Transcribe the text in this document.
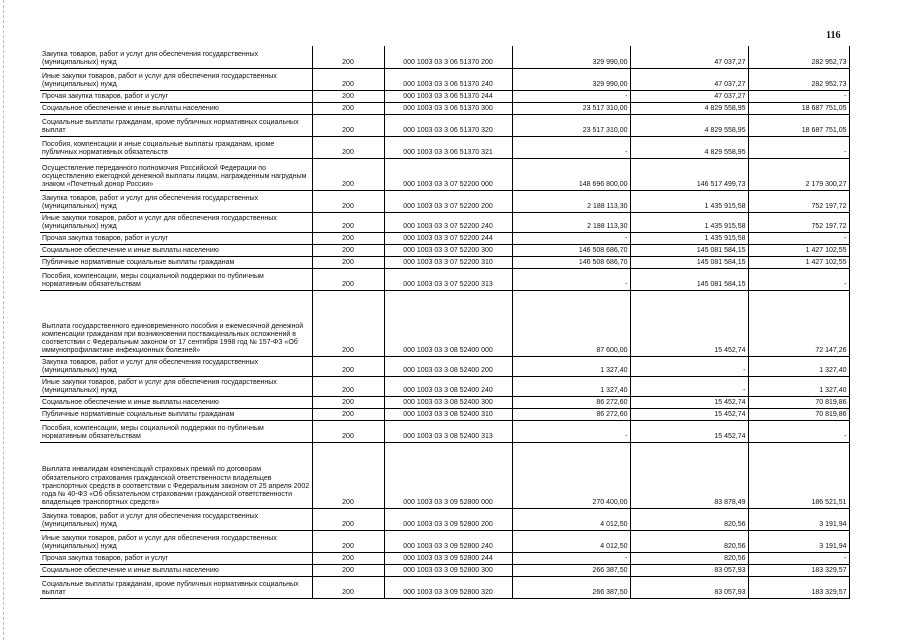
116
Закупка товаров, работ и услуг для обеспечения государственных (муниципальных) нужд	200	000 1003 03 3 06 51370 200	329 990,00	47 037,27	282 952,73
Иные закупки товаров, работ и услуг для обеспечения государственных (муниципальных) нужд	200	000 1003 03 3 06 51370 240	329 990,00	47 037,27	282 952,73
Прочая закупка товаров, работ и услуг	200	000 1003 03 3 06 51370 244	-	47 037,27	-
Социальное обеспечение и иные выплаты населению	200	000 1003 03 3 06 51370 300	23 517 310,00	4 829 558,95	18 687 751,05
Социальные выплаты гражданам, кроме публичных нормативных социальных выплат	200	000 1003 03 3 06 51370 320	23 517 310,00	4 829 558,95	18 687 751,05
Пособия, компенсации и иные социальные выплаты гражданам, кроме публичных нормативных обязательств	200	000 1003 03 3 06 51370 321	-	4 829 558,95	-
Осуществление переданного полномочия Российской Федерации по осуществлению ежегодной денежной выплаты лицам, награжденным нагрудным знаком «Почетный донор России»	200	000 1003 03 3 07 52200 000	148 696 800,00	146 517 499,73	2 179 300,27
Закупка товаров, работ и услуг для обеспечения государственных (муниципальных) нужд	200	000 1003 03 3 07 52200 200	2 188 113,30	1 435 915,58	752 197,72
Иные закупки товаров, работ и услуг для обеспечения государственных (муниципальных) нужд	200	000 1003 03 3 07 52200 240	2 188 113,30	1 435 915,58	752 197,72
Прочая закупка товаров, работ и услуг	200	000 1003 03 3 07 52200 244	-	1 435 915,58	-
Социальное обеспечение и иные выплаты населению	200	000 1003 03 3 07 52200 300	146 508 686,70	145 081 584,15	1 427 102,55
Публичные нормативные социальные выплаты гражданам	200	000 1003 03 3 07 52200 310	146 508 686,70	145 081 584,15	1 427 102,55
Пособия, компенсации, меры социальной поддержки по публичным нормативным обязательствам	200	000 1003 03 3 07 52200 313	-	145 081 584,15	-
Выплата государственного единовременного пособия и ежемесячной денежной компенсации гражданам при возникновении поствакцинальных осложнений в соответствии с Федеральным законом от 17 сентября 1998 год № 157-ФЗ «Об иммунопрофилактике инфекционных болезней»	200	000 1003 03 3 08 52400 000	87 600,00	15 452,74	72 147,26
Закупка товаров, работ и услуг для обеспечения государственных (муниципальных) нужд	200	000 1003 03 3 08 52400 200	1 327,40	-	1 327,40
Иные закупки товаров, работ и услуг для обеспечения государственных (муниципальных) нужд	200	000 1003 03 3 08 52400 240	1 327,40	-	1 327,40
Социальное обеспечение и иные выплаты населению	200	000 1003 03 3 08 52400 300	86 272,60	15 452,74	70 819,86
Публичные нормативные социальные выплаты гражданам	200	000 1003 03 3 08 52400 310	86 272,60	15 452,74	70 819,86
Пособия, компенсации, меры социальной поддержки по публичным нормативным обязательствам	200	000 1003 03 3 08 52400 313	-	15 452,74	-
Выплата инвалидам компенсаций страховых премий по договорам обязательного страхования гражданской ответственности владельцев транспортных средств в соответствии с Федеральным законом от 25 апреля 2002 года № 40-ФЗ «Об обязательном страховании гражданской ответственности владельцев транспортных средств»	200	000 1003 03 3 09 52800 000	270 400,00	83 878,49	186 521,51
Закупка товаров, работ и услуг для обеспечения государственных (муниципальных) нужд	200	000 1003 03 3 09 52800 200	4 012,50	820,56	3 191,94
Иные закупки товаров, работ и услуг для обеспечения государственных (муниципальных) нужд	200	000 1003 03 3 09 52800 240	4 012,50	820,56	3 191,94
Прочая закупка товаров, работ и услуг	200	000 1003 03 3 09 52800 244	-	820,56	-
Социальное обеспечение и иные выплаты населению	200	000 1003 03 3 09 52800 300	266 387,50	83 057,93	183 329,57
Социальные выплаты гражданам, кроме публичных нормативных социальных выплат	200	000 1003 03 3 09 52800 320	266 387,50	83 057,93	183 329,57
